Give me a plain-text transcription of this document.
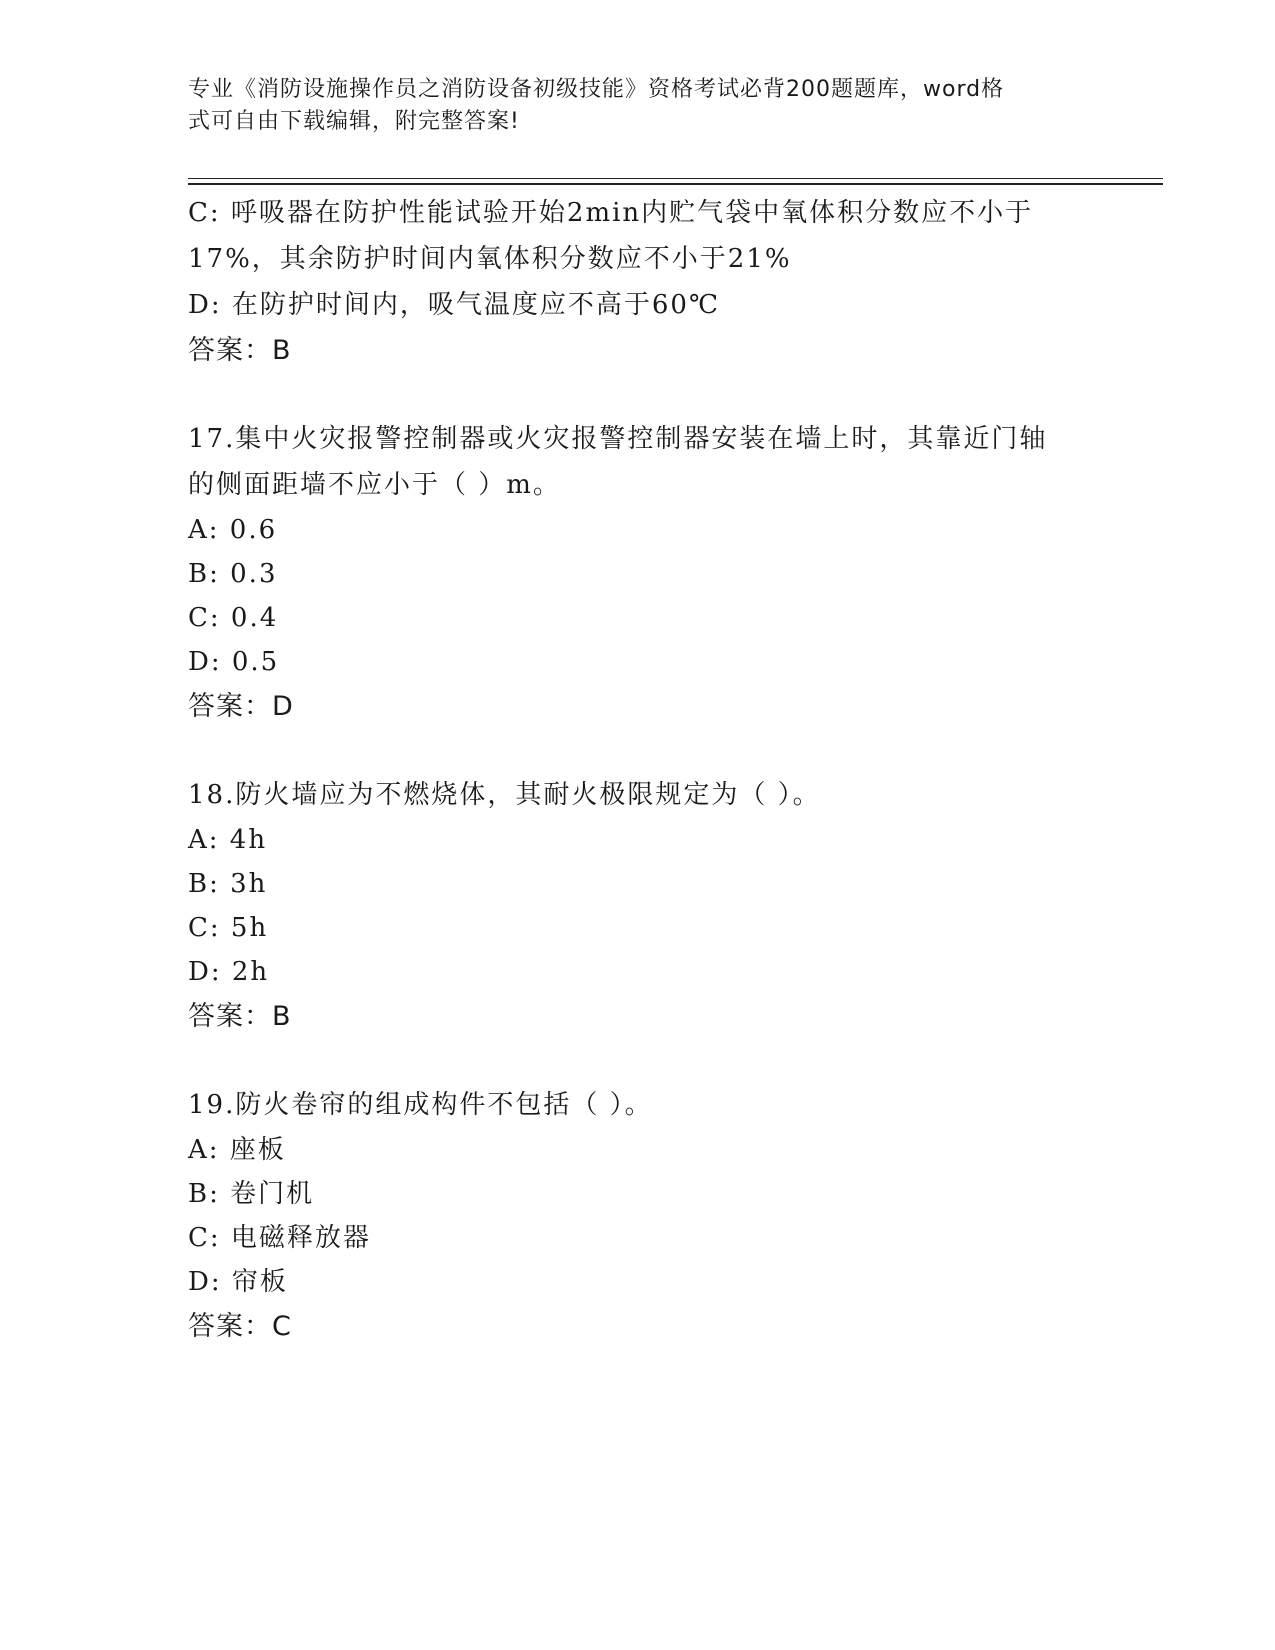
专业《消防设施操作员之消防设备初级技能》资格考试必背200题题库，word格
式可自由下载编辑，附完整答案!
C: 呼吸器在防护性能试验开始2min内贮气袋中氧体积分数应不小于
17%，其余防护时间内氧体积分数应不小于21%
D: 在防护时间内，吸气温度应不高于60℃
答案：B
17.集中火灾报警控制器或火灾报警控制器安装在墙上时，其靠近门轴
的侧面距墙不应小于（ ）m。
A: 0.6
B: 0.3
C: 0.4
D: 0.5
答案：D
18.防火墙应为不燃烧体，其耐火极限规定为（ ）。
A: 4h
B: 3h
C: 5h
D: 2h
答案：B
19.防火卷帘的组成构件不包括（ ）。
A: 座板
B: 卷门机
C: 电磁释放器
D: 帘板
答案：C
